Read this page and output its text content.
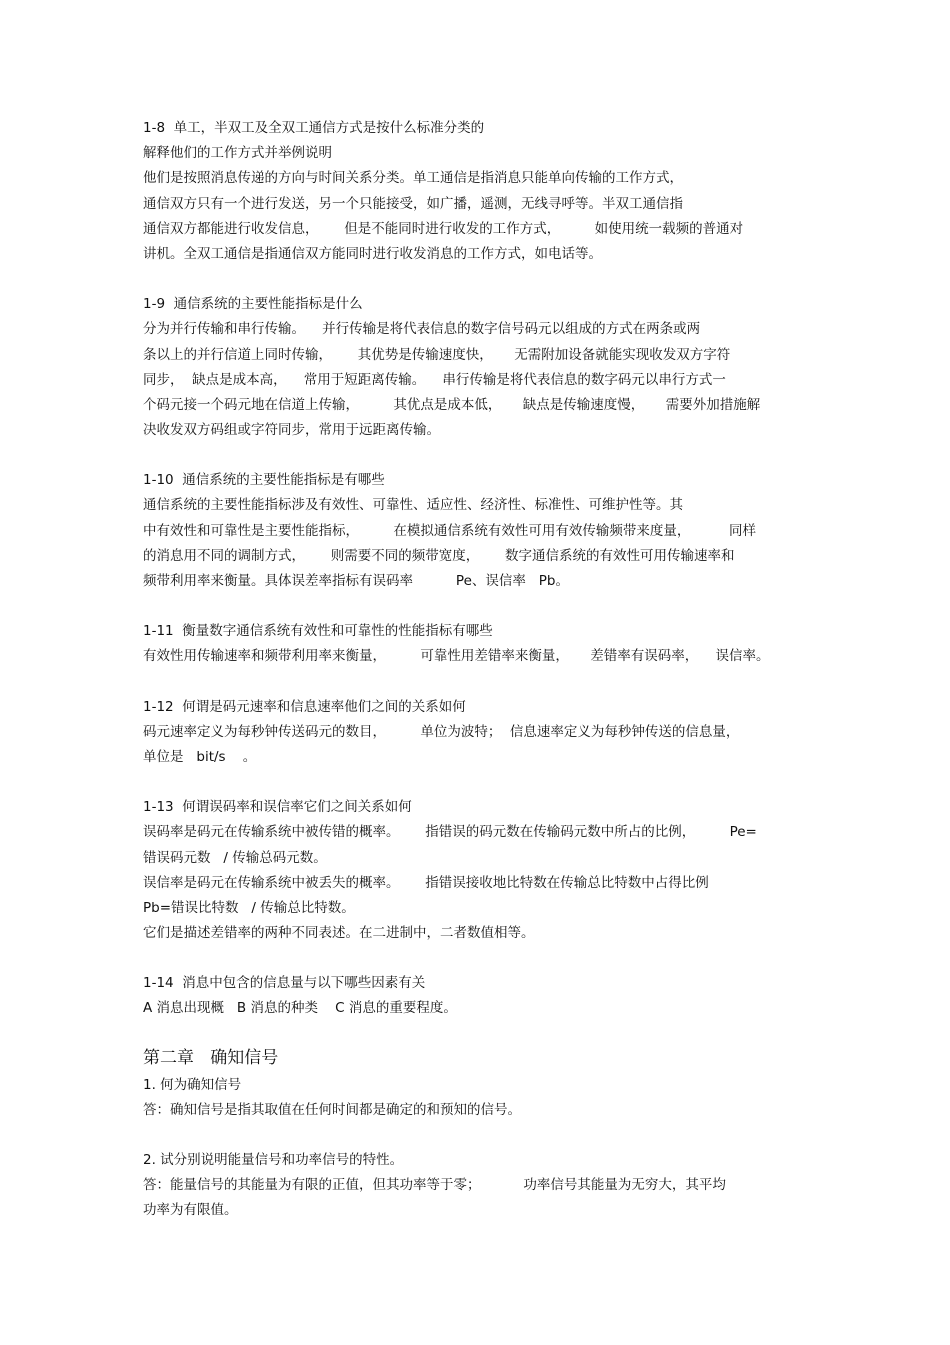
1-8  单工，半双工及全双工通信方式是按什么标准分类的
解释他们的工作方式并举例说明
他们是按照消息传递的方向与时间关系分类。单工通信是指消息只能单向传输的工作方式，
通信双方只有一个进行发送，另一个只能接受，如广播，遥测，无线寻呼等。半双工通信指
通信双方都能进行收发信息，      但是不能同时进行收发的工作方式，        如使用统一载频的普通对
讲机。全双工通信是指通信双方能同时进行收发消息的工作方式，如电话等。
1-9  通信系统的主要性能指标是什么
分为并行传输和串行传输。    并行传输是将代表信息的数字信号码元以组成的方式在两条或两
条以上的并行信道上同时传输，      其优势是传输速度快，     无需附加设备就能实现收发双方字符
同步，  缺点是成本高，    常用于短距离传输。    串行传输是将代表信息的数字码元以串行方式一
个码元接一个码元地在信道上传输，        其优点是成本低，     缺点是传输速度慢，     需要外加措施解
决收发双方码组或字符同步，常用于远距离传输。
1-10  通信系统的主要性能指标是有哪些
通信系统的主要性能指标涉及有效性、可靠性、适应性、经济性、标准性、可维护性等。其
中有效性和可靠性是主要性能指标，        在模拟通信系统有效性可用有效传输频带来度量，         同样
的消息用不同的调制方式，      则需要不同的频带宽度，      数字通信系统的有效性可用传输速率和
频带利用率来衡量。具体误差率指标有误码率          Pe、误信率   Pb。
1-11  衡量数字通信系统有效性和可靠性的性能指标有哪些
有效性用传输速率和频带利用率来衡量，        可靠性用差错率来衡量，     差错率有误码率，    误信率。
1-12  何谓是码元速率和信息速率他们之间的关系如何
码元速率定义为每秒钟传送码元的数目，        单位为波特；  信息速率定义为每秒钟传送的信息量，
单位是   bit/s    。
1-13  何谓误码率和误信率它们之间关系如何
误码率是码元在传输系统中被传错的概率。      指错误的码元数在传输码元数中所占的比例，        Pe=
错误码元数   / 传输总码元数。
误信率是码元在传输系统中被丢失的概率。      指错误接收地比特数在传输总比特数中占得比例
Pb=错误比特数   / 传输总比特数。
它们是描述差错率的两种不同表述。在二进制中，二者数值相等。
1-14  消息中包含的信息量与以下哪些因素有关
A 消息出现概   B 消息的种类    C 消息的重要程度。
第二章   确知信号
1. 何为确知信号
答：确知信号是指其取值在任何时间都是确定的和预知的信号。
2. 试分别说明能量信号和功率信号的特性。
答：能量信号的其能量为有限的正值，但其功率等于零；          功率信号其能量为无穷大，其平均
功率为有限值。
